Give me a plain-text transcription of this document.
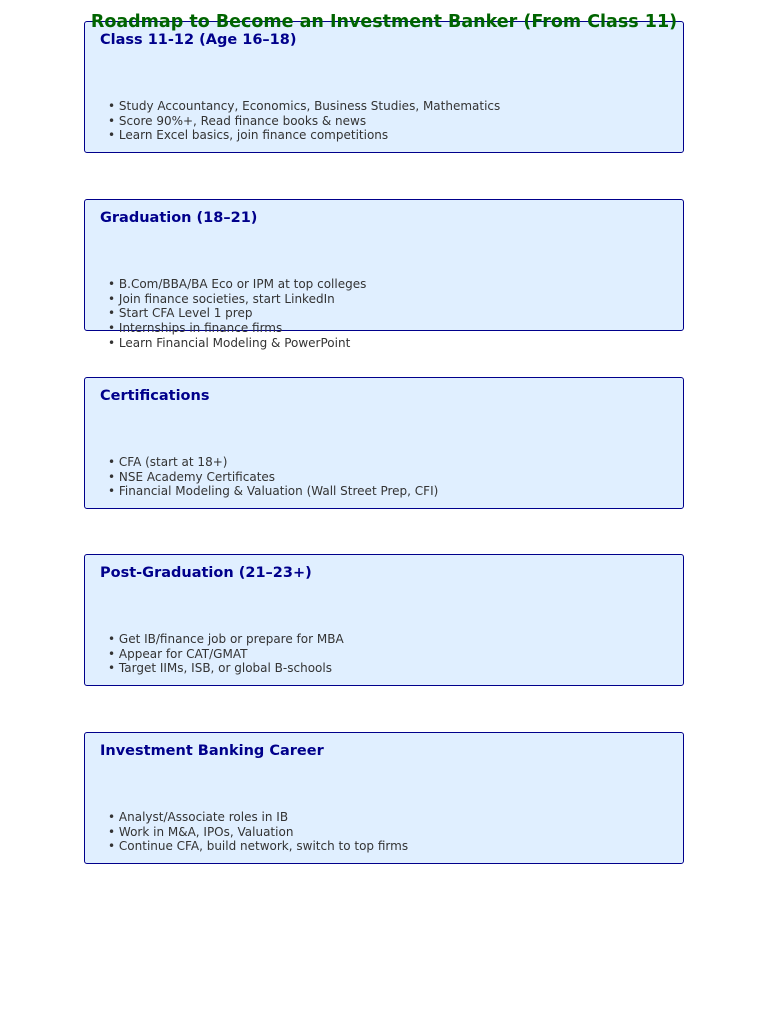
Roadmap to Become an Investment Banker (From Class 11)
Class 11-12 (Age 16–18)
• Study Accountancy, Economics, Business Studies, Mathematics
• Score 90%+, Read finance books & news
• Learn Excel basics, join finance competitions
Graduation (18–21)
• B.Com/BBA/BA Eco or IPM at top colleges
• Join finance societies, start LinkedIn
• Start CFA Level 1 prep
• Internships in finance firms
• Learn Financial Modeling & PowerPoint
Certifications
• CFA (start at 18+)
• NSE Academy Certificates
• Financial Modeling & Valuation (Wall Street Prep, CFI)
Post-Graduation (21–23+)
• Get IB/finance job or prepare for MBA
• Appear for CAT/GMAT
• Target IIMs, ISB, or global B-schools
Investment Banking Career
• Analyst/Associate roles in IB
• Work in M&A, IPOs, Valuation
• Continue CFA, build network, switch to top firms
